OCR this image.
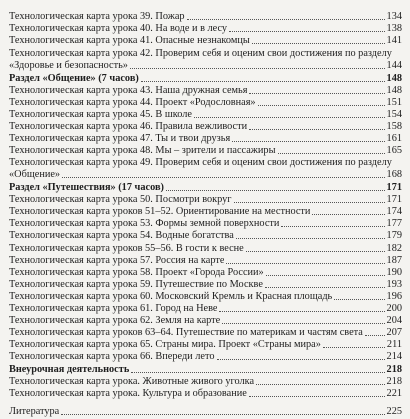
Технологическая карта урока 39. Пожар	134
Технологическая карта урока 40. На воде и в лесу	138
Технологическая карта урока 41. Опасные незнакомцы	141
Технологическая карта урока 42. Проверим себя и оценим свои достижения по разделу
«Здоровье и безопасность»	144
Раздел «Общение» (7 часов)	148
Технологическая карта урока 43. Наша дружная семья	148
Технологическая карта урока 44. Проект «Родословная»	151
Технологическая карта урока 45. В школе	154
Технологическая карта урока 46. Правила вежливости	158
Технологическая карта урока 47. Ты и твои друзья	161
Технологическая карта урока 48. Мы – зрители и пассажиры	165
Технологическая карта урока 49. Проверим себя и оценим свои достижения по разделу
«Общение»	168
Раздел «Путешествия» (17 часов)	171
Технологическая карта урока 50. Посмотри вокруг	171
Технологическая карта уроков 51–52. Ориентирование на местности	174
Технологическая карта урока 53. Формы земной поверхности	177
Технологическая карта урока 54. Водные богатства	179
Технологическая карта уроков 55–56. В гости к весне	182
Технологическая карта урока 57. Россия на карте	187
Технологическая карта урока 58. Проект «Города России»	190
Технологическая карта урока 59. Путешествие по Москве	193
Технологическая карта урока 60. Московский Кремль и Красная площадь	196
Технологическая карта урока 61. Город на Неве	200
Технологическая карта урока 62. Земля на карте	204
Технологическая карта уроков 63–64. Путешествие по материкам и частям света 207
Технологическая карта урока 65. Страны мира. Проект «Страны мира»	211
Технологическая карта урока 66. Впереди лето	214
Внеурочная деятельность	218
Технологическая карта урока. Животные живого уголка	218
Технологическая карта урока. Культура и образование	221
Литература	225
